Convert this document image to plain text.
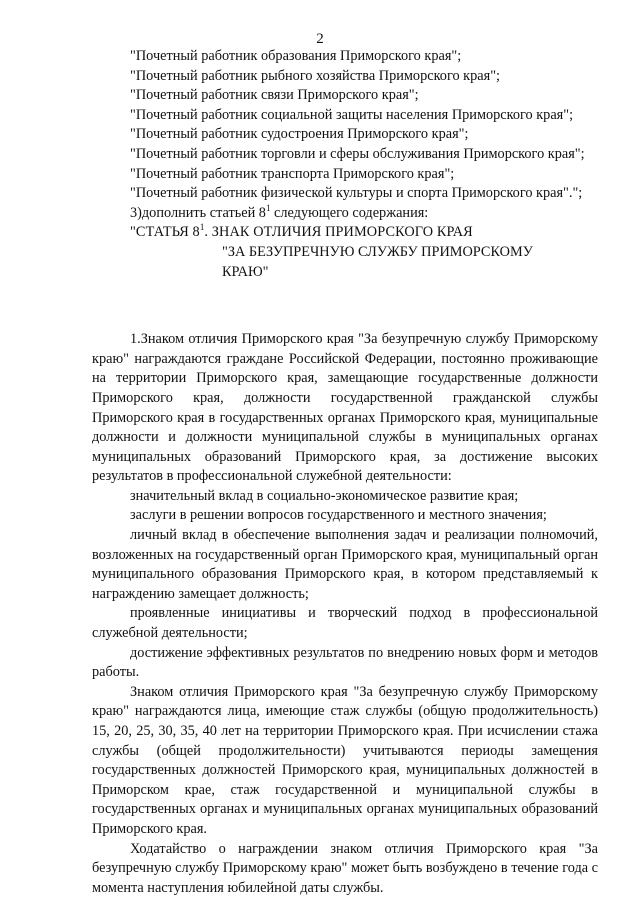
2

"Почетный работник образования Приморского края";

"Почетный работник рыбного хозяйства Приморского края";

"Почетный работник связи Приморского края";

"Почетный работник социальной защиты населения Приморского края";

"Почетный работник судостроения Приморского края";

"Почетный работник торговли и сферы обслуживания Приморского края";

"Почетный работник транспорта Приморского края";

"Почетный работник физической культуры и спорта Приморского края".";

3)дополнить статьей $8^1$ следующего содержания:

"СТАТЬЯ $8^1$. ЗНАК ОТЛИЧИЯ ПРИМОРСКОГО КРАЯ

"ЗА БЕЗУПРЕЧНУЮ СЛУЖБУ ПРИМОРСКОМУ

КРАЮ"

1.Знаком отличия Приморского края "За безупречную службу Приморскому краю" награждаются граждане Российской Федерации, постоянно проживающие на территории Приморского края, замещающие государственные должности Приморского края, должности государственной гражданской службы Приморского края в государственных органах Приморского края, муниципальные должности и должности муниципальной службы в муниципальных органах муниципальных образований Приморского края, за достижение высоких результатов в профессиональной служебной деятельности:

значительный вклад в социально-экономическое развитие края;

заслуги в решении вопросов государственного и местного значения;

личный вклад в обеспечение выполнения задач и реализации полномочий, возложенных на государственный орган Приморского края, муниципальный орган муниципального образования Приморского края, в котором представляемый к награждению замещает должность;

проявленные инициативы и творческий подход в профессиональной служебной деятельности;

достижение эффективных результатов по внедрению новых форм и методов работы.

Знаком отличия Приморского края "За безупречную службу Приморскому краю" награждаются лица, имеющие стаж службы (общую продолжительность) 15, 20, 25, 30, 35, 40 лет на территории Приморского края. При исчислении стажа службы (общей продолжительности) учитываются периоды замещения государственных должностей Приморского края, муниципальных должностей в Приморском крае, стаж государственной и муниципальной службы в государственных органах и муниципальных органах муниципальных образований Приморского края.

Ходатайство о награждении знаком отличия Приморского края "За безупречную службу Приморскому краю" может быть возбуждено в течение года с момента наступления юбилейной даты службы.
